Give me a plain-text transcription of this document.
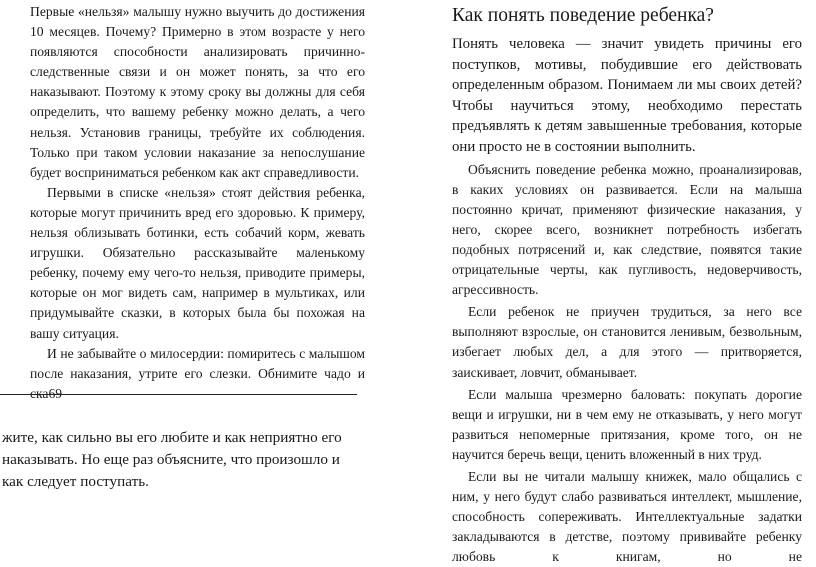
Первые «нельзя» малышу нужно выучить до достижения 10 месяцев. Почему? Примерно в этом возрасте у него появляются способности анализировать причинно-следственные связи и он может понять, за что его наказывают. Поэтому к этому сроку вы должны для себя определить, что вашему ребенку можно делать, а чего нельзя. Установив границы, требуйте их соблюдения. Только при таком условии наказание за непослушание будет восприниматься ребенком как акт справедливости.

Первыми в списке «нельзя» стоят действия ребенка, которые могут причинить вред его здоровью. К примеру, нельзя облизывать ботинки, есть собачий корм, жевать игрушки. Обязательно рассказывайте маленькому ребенку, почему ему чего-то нельзя, приводите примеры, которые он мог видеть сам, например в мультиках, или придумывайте сказки, в которых была бы похожая на вашу ситуация.

И не забывайте о милосердии: помиритесь с малышом после наказания, утрите его слезки. Обнимите чадо и ска69

жите, как сильно вы его любите и как неприятно его
наказывать. Но еще раз объясните, что произошло и
как следует поступать.
Как понять поведение ребенка?

Понять человека — значит увидеть причины его поступков, мотивы, побудившие его действовать определенным образом. Понимаем ли мы своих детей? Чтобы научиться этому, необходимо перестать предъявлять к детям завышенные требования, которые они просто не в состоянии выполнить.

Объяснить поведение ребенка можно, проанализировав, в каких условиях он развивается. Если на малыша постоянно кричат, применяют физические наказания, у него, скорее всего, возникнет потребность избегать подобных потрясений и, как следствие, появятся такие отрицательные черты, как пугливость, недоверчивость, агрессивность.

Если ребенок не приучен трудиться, за него все выполняют взрослые, он становится ленивым, безвольным, избегает любых дел, а для этого — притворяется, заискивает, ловчит, обманывает.

Если малыша чрезмерно баловать: покупать дорогие вещи и игрушки, ни в чем ему не отказывать, у него могут развиться непомерные притязания, кроме того, он не научится беречь вещи, ценить вложенный в них труд.

Если вы не читали малышу книжек, мало общались с ним, у него будут слабо развиваться интеллект, мышление, способность сопереживать. Интеллектуальные задатки закладываются в детстве, поэтому прививайте ребенку любовь к книгам, но не
